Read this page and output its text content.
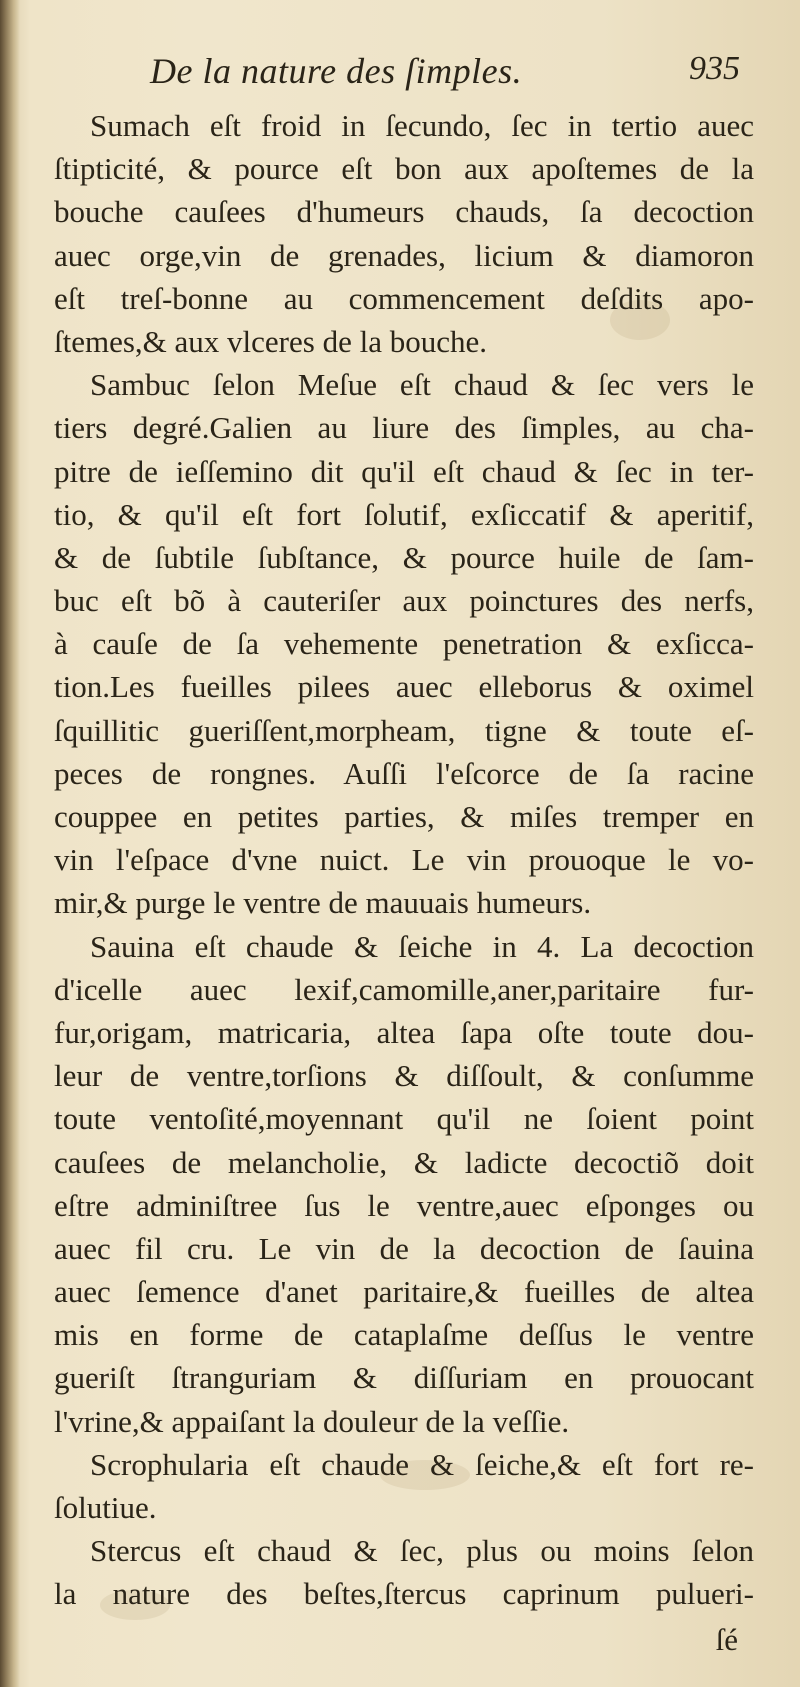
De la nature des ſimples.	935
Sumach eſt froid in ſecundo, ſec in tertio auec
ſtipticité, & pource eſt bon aux apoſtemes de la
bouche cauſees d'humeurs chauds, ſa decoction
auec orge,vin de grenades, licium & diamoron
eſt treſ-bonne au commencement deſdits apo-
ſtemes,& aux vlceres de la bouche.
Sambuc ſelon Meſue eſt chaud & ſec vers le
tiers degré.Galien au liure des ſimples, au cha-
pitre de ieſſemino dit qu'il eſt chaud & ſec in ter-
tio, & qu'il eſt fort ſolutif, exſiccatif & aperitif,
& de ſubtile ſubſtance, & pource huile de ſam-
buc eſt bõ à cauteriſer aux poinctures des nerfs,
à cauſe de ſa vehemente penetration & exſicca-
tion.Les fueilles pilees auec elleborus & oximel
ſquillitic gueriſſent,morpheam, tigne & toute eſ-
peces de rongnes. Auſſi l'eſcorce de ſa racine
couppee en petites parties, & miſes tremper en
vin l'eſpace d'vne nuict. Le vin prouoque le vo-
mir,& purge le ventre de mauuais humeurs.
Sauina eſt chaude & ſeiche in 4. La decoction
d'icelle auec lexif,camomille,aner,paritaire fur-
fur,origam, matricaria, altea ſapa oſte toute dou-
leur de ventre,torſions & diſſoult, & conſumme
toute ventoſité,moyennant qu'il ne ſoient point
cauſees de melancholie, & ladicte decoctiõ doit
eſtre adminiſtree ſus le ventre,auec eſponges ou
auec fil cru. Le vin de la decoction de ſauina
auec ſemence d'anet paritaire,& fueilles de altea
mis en forme de cataplaſme deſſus le ventre
gueriſt ſtranguriam & diſſuriam en prouocant
l'vrine,& appaiſant la douleur de la veſſie.
Scrophularia eſt chaude & ſeiche,& eſt fort re-
ſolutiue.
Stercus eſt chaud & ſec, plus ou moins ſelon
la nature des beſtes,ſtercus caprinum pulueri-
ſé
